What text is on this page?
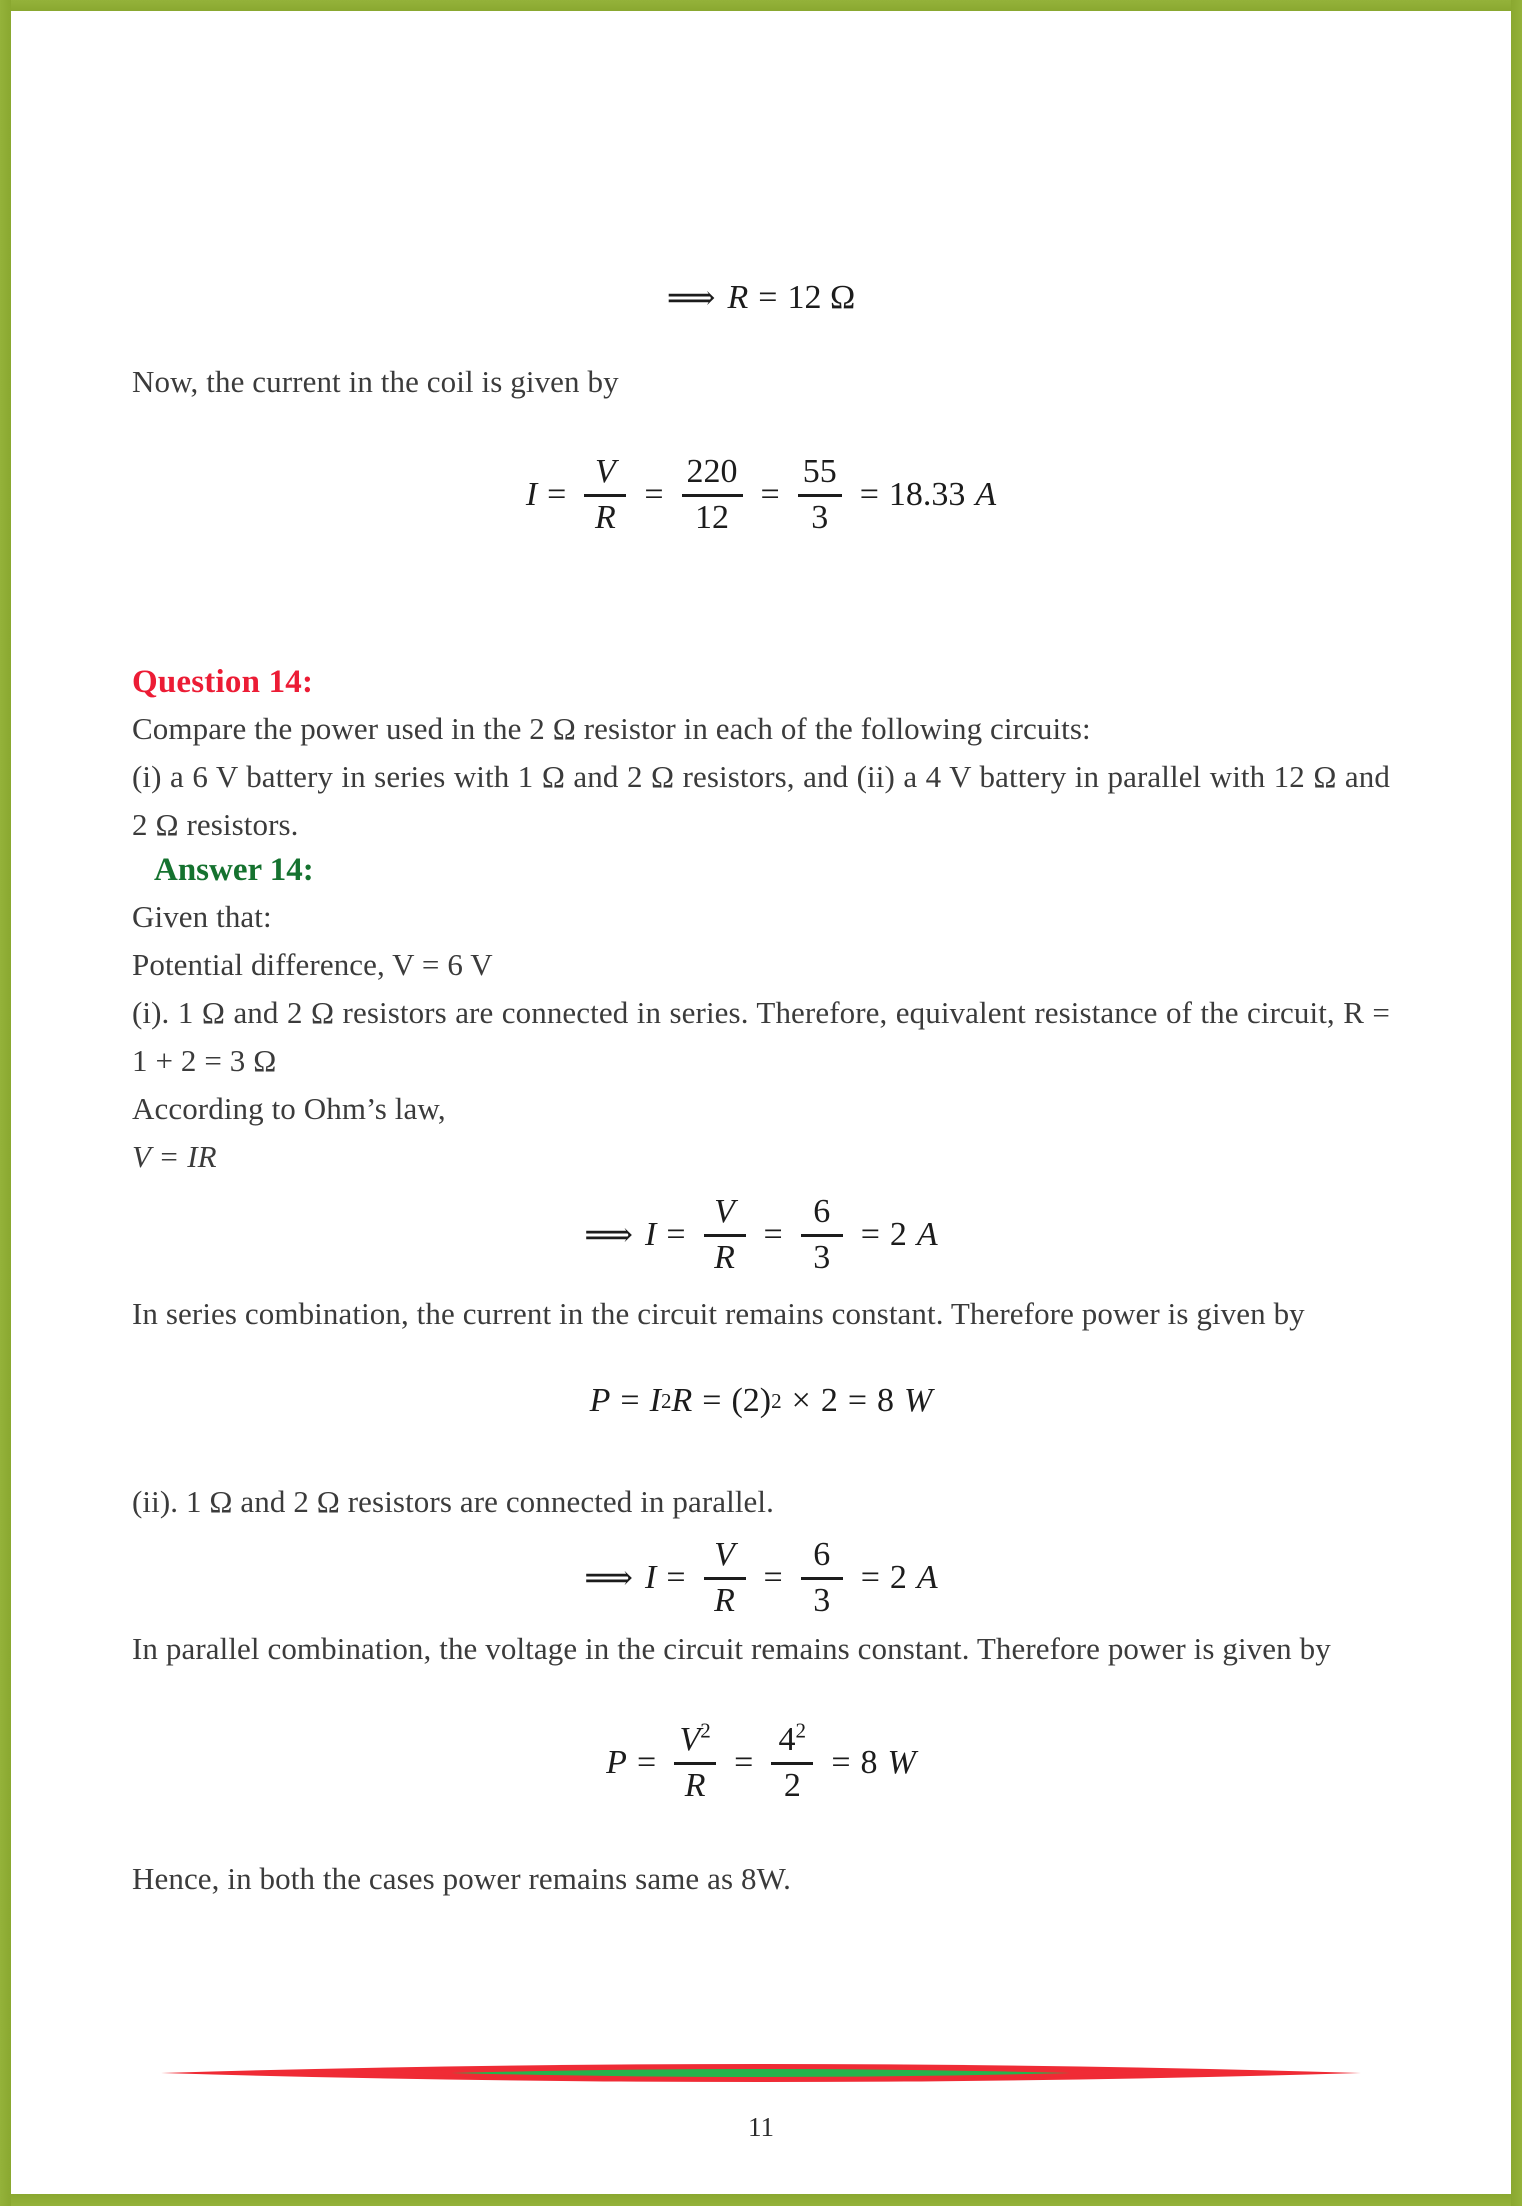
⟹ R = 12 Ω
Now, the current in the coil is given by
$I = \frac{V}{R} = \frac{220}{12} = \frac{55}{3} = 18.33$ A
Question 14:
Compare the power used in the 2 Ω resistor in each of the following circuits:
(i) a 6 V battery in series with 1 Ω and 2 Ω resistors, and (ii) a 4 V battery in parallel with 12 Ω and 2 Ω resistors.
Answer 14:
Given that:
Potential difference, V = 6 V
(i). 1 Ω and 2 Ω resistors are connected in series. Therefore, equivalent resistance of the circuit, R = 1 + 2 = 3 Ω
According to Ohm’s law,
V = IR
⟹ $I = \frac{V}{R} = \frac{6}{3} = 2$ A
In series combination, the current in the circuit remains constant. Therefore power is given by
P = I 2 R = (2) 2 × 2 = 8 W
(ii). 1 Ω and 2 Ω resistors are connected in parallel.
⟹ $I = \frac{V}{R} = \frac{6}{3} = 2$ A
In parallel combination, the voltage in the circuit remains constant. Therefore power is given by
$P = \frac{V^2}{R} = \frac{4^2}{2} = 8$ W
Hence, in both the cases power remains same as 8W.
11
